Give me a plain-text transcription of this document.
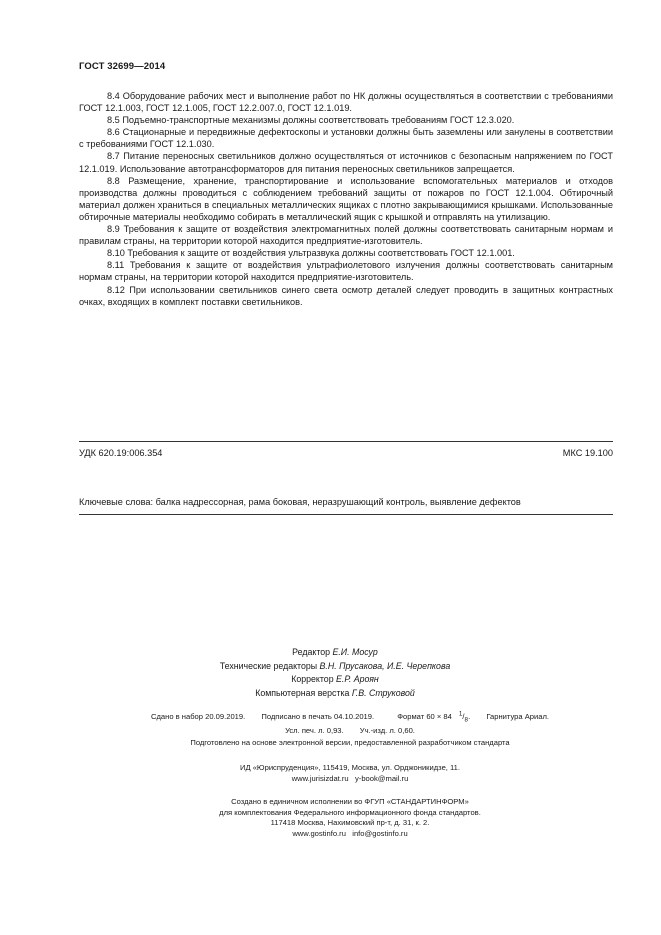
ГОСТ 32699—2014

8.4 Оборудование рабочих мест и выполнение работ по НК должны осуществляться в соответствии с требованиями ГОСТ 12.1.003, ГОСТ 12.1.005, ГОСТ 12.2.007.0, ГОСТ 12.1.019.

8.5 Подъемно-транспортные механизмы должны соответствовать требованиям ГОСТ 12.3.020.

8.6 Стационарные и передвижные дефектоскопы и установки должны быть заземлены или занулены в соответствии с требованиями ГОСТ 12.1.030.

8.7 Питание переносных светильников должно осуществляться от источников с безопасным напряжением по ГОСТ 12.1.019. Использование автотрансформаторов для питания переносных светильников запрещается.

8.8 Размещение, хранение, транспортирование и использование вспомогательных материалов и отходов производства должны проводиться с соблюдением требований защиты от пожаров по ГОСТ 12.1.004. Обтирочный материал должен храниться в специальных металлических ящиках с плотно закрывающимися крышками. Использованные обтирочные материалы необходимо собирать в металлический ящик с крышкой и отправлять на утилизацию.

8.9 Требования к защите от воздействия электромагнитных полей должны соответствовать санитарным нормам и правилам страны, на территории которой находится предприятие-изготовитель.

8.10 Требования к защите от воздействия ультразвука должны соответствовать ГОСТ 12.1.001.

8.11 Требования к защите от воздействия ультрафиолетового излучения должны соответствовать санитарным нормам страны, на территории которой находится предприятие-изготовитель.

8.12 При использовании светильников синего света осмотр деталей следует проводить в защитных контрастных очках, входящих в комплект поставки светильников.

УДК 620.19:006.354	МКС 19.100
Ключевые слова: балка надрессорная, рама боковая, неразрушающий контроль, выявление дефектов

Редактор Е.И. Мосур

Технические редакторы В.Н. Прусакова, И.Е. Черепкова

Корректор Е.Р. Ароян

Компьютерная верстка Г.В. Струковой

Сдано в набор 20.09.2019. Подписано в печать 04.10.2019.	Формат 60 × 84 $^1/_8$. Гарнитура Ариал.

Усл. печ. л. 0,93. Уч.-изд. л. 0,60.

Подготовлено на основе электронной версии, предоставленной разработчиком стандарта

ИД «Юриспруденция», 115419, Москва, ул. Орджоникидзе, 11.

www.jurisizdat.ru y-book@mail.ru

Создано в единичном исполнении во ФГУП «СТАНДАРТИНФОРМ»

для комплектования Федерального информационного фонда стандартов.

117418 Москва, Нахимовский пр-т, д. 31, к. 2.

www.gostinfo.ru info@gostinfo.ru
